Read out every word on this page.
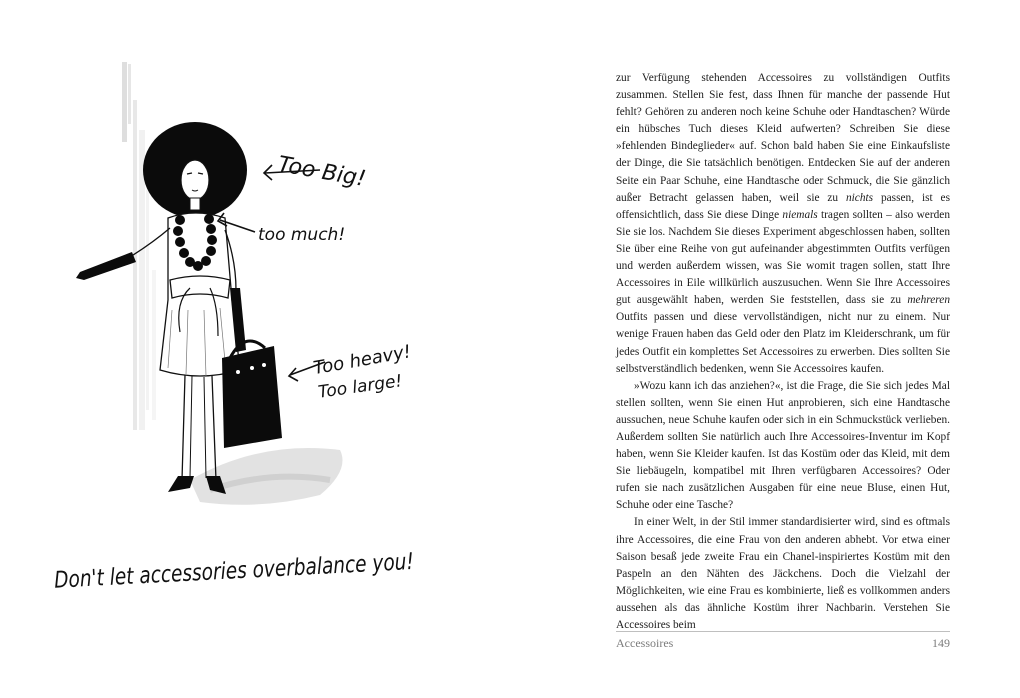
Too Big!
too much!
Too heavy!
Too large!
Don't let accessories overbalance you!

zur Verfügung stehenden Accessoires zu vollständigen Outfits zusammen. Stellen Sie fest, dass Ihnen für manche der passende Hut fehlt? Gehören zu anderen noch keine Schuhe oder Handtaschen? Würde ein hübsches Tuch dieses Kleid aufwerten? Schreiben Sie diese »fehlenden Bindeglieder« auf. Schon bald haben Sie eine Einkaufsliste der Dinge, die Sie tatsächlich benötigen. Entdecken Sie auf der anderen Seite ein Paar Schuhe, eine Handtasche oder Schmuck, die Sie gänzlich außer Betracht gelassen haben, weil sie zu nichts passen, ist es offensichtlich, dass Sie diese Dinge niemals tragen sollten – also werden Sie sie los. Nachdem Sie dieses Experiment abgeschlossen haben, sollten Sie über eine Reihe von gut aufeinander abgestimmten Outfits verfügen und werden außerdem wissen, was Sie womit tragen sollen, statt Ihre Accessoires in Eile willkürlich auszusuchen. Wenn Sie Ihre Accessoires gut ausgewählt haben, werden Sie feststellen, dass sie zu mehreren Outfits passen und diese vervollständigen, nicht nur zu einem. Nur wenige Frauen haben das Geld oder den Platz im Kleiderschrank, um für jedes Outfit ein komplettes Set Accessoires zu erwerben. Dies sollten Sie selbstverständlich bedenken, wenn Sie Accessoires kaufen.

»Wozu kann ich das anziehen?«, ist die Frage, die Sie sich jedes Mal stellen sollten, wenn Sie einen Hut anprobieren, sich eine Handtasche aussuchen, neue Schuhe kaufen oder sich in ein Schmuckstück verlieben. Außerdem sollten Sie natürlich auch Ihre Accessoires-Inventur im Kopf haben, wenn Sie Kleider kaufen. Ist das Kostüm oder das Kleid, mit dem Sie liebäugeln, kompatibel mit Ihren verfügbaren Accessoires? Oder rufen sie nach zusätzlichen Ausgaben für eine neue Bluse, einen Hut, Schuhe oder eine Tasche?

In einer Welt, in der Stil immer standardisierter wird, sind es oftmals ihre Accessoires, die eine Frau von den anderen abhebt. Vor etwa einer Saison besaß jede zweite Frau ein Chanel-inspiriertes Kostüm mit den Paspeln an den Nähten des Jäckchens. Doch die Vielzahl der Möglichkeiten, wie eine Frau es kombinierte, ließ es vollkommen anders aussehen als das ähnliche Kostüm ihrer Nachbarin. Verstehen Sie Accessoires beim

Accessoires	149
